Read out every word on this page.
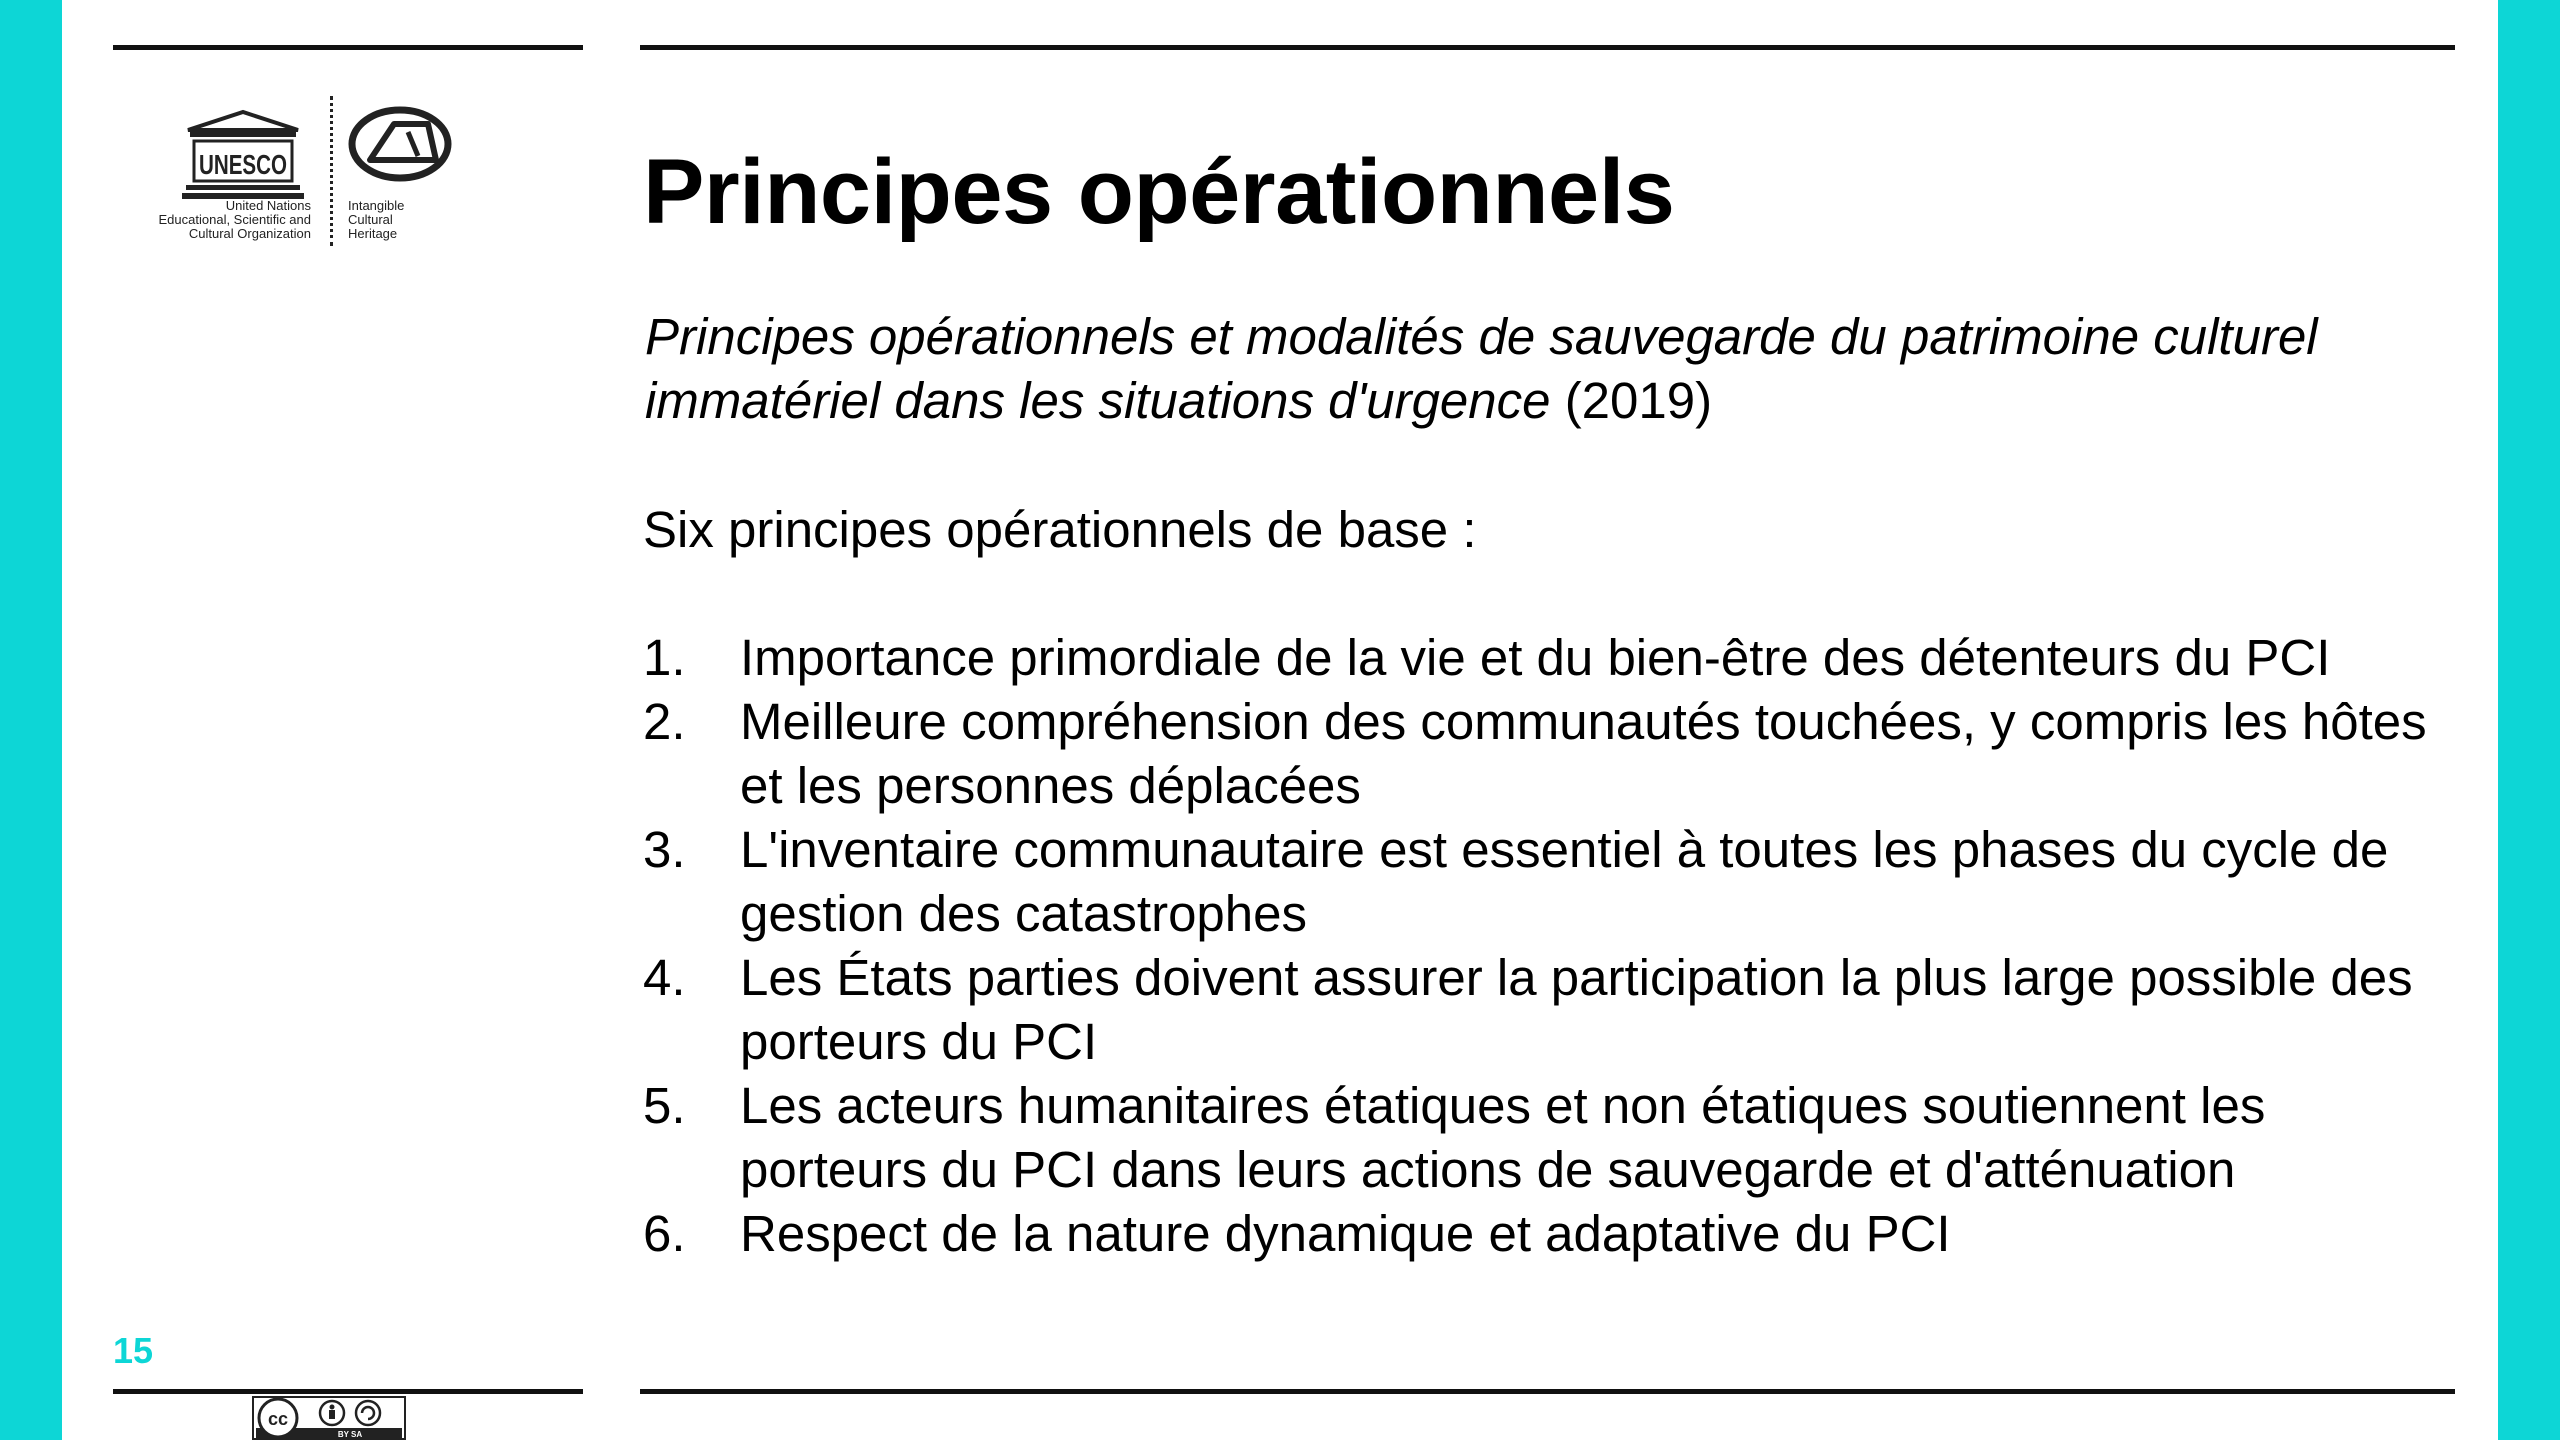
UNESCO
United Nations
Educational, Scientific and
Cultural Organization
Intangible
Cultural
Heritage	Principes opérationnels
Principes opérationnels et modalités de sauvegarde du patrimoine culturel immatériel dans les situations d'urgence (2019)
Six principes opérationnels de base :
1. Importance primordiale de la vie et du bien-être des détenteurs du PCI
2. Meilleure compréhension des communautés touchées, y compris les hôtes et les personnes déplacées
3. L'inventaire communautaire est essentiel à toutes les phases du cycle de gestion des catastrophes
4. Les États parties doivent assurer la participation la plus large possible des porteurs du PCI
5. Les acteurs humanitaires étatiques et non étatiques soutiennent les porteurs du PCI dans leurs actions de sauvegarde et d'atténuation
6. Respect de la nature dynamique et adaptative du PCI
15
cc
BY SA
